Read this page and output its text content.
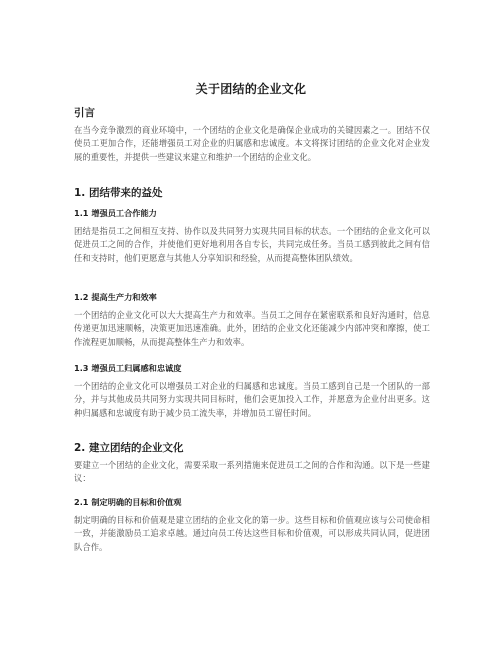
关于团结的企业文化
引言

在当今竞争激烈的商业环境中，一个团结的企业文化是确保企业成功的关键因素之一。团结不仅使员工更加合作，还能增强员工对企业的归属感和忠诚度。本文将探讨团结的企业文化对企业发展的重要性，并提供一些建议来建立和维护一个团结的企业文化。

1. 团结带来的益处
1.1 增强员工合作能力

团结是指员工之间相互支持、协作以及共同努力实现共同目标的状态。一个团结的企业文化可以促进员工之间的合作，并使他们更好地利用各自专长，共同完成任务。当员工感到彼此之间有信任和支持时，他们更愿意与其他人分享知识和经验，从而提高整体团队绩效。

1.2 提高生产力和效率

一个团结的企业文化可以大大提高生产力和效率。当员工之间存在紧密联系和良好沟通时，信息传递更加迅速顺畅，决策更加迅速准确。此外，团结的企业文化还能减少内部冲突和摩擦，使工作流程更加顺畅，从而提高整体生产力和效率。

1.3 增强员工归属感和忠诚度

一个团结的企业文化可以增强员工对企业的归属感和忠诚度。当员工感到自己是一个团队的一部分，并与其他成员共同努力实现共同目标时，他们会更加投入工作，并愿意为企业付出更多。这种归属感和忠诚度有助于减少员工流失率，并增加员工留任时间。

2. 建立团结的企业文化

要建立一个团结的企业文化，需要采取一系列措施来促进员工之间的合作和沟通。以下是一些建议：

2.1 制定明确的目标和价值观

制定明确的目标和价值观是建立团结的企业文化的第一步。这些目标和价值观应该与公司使命相一致，并能激励员工追求卓越。通过向员工传达这些目标和价值观，可以形成共同认同，促进团队合作。
